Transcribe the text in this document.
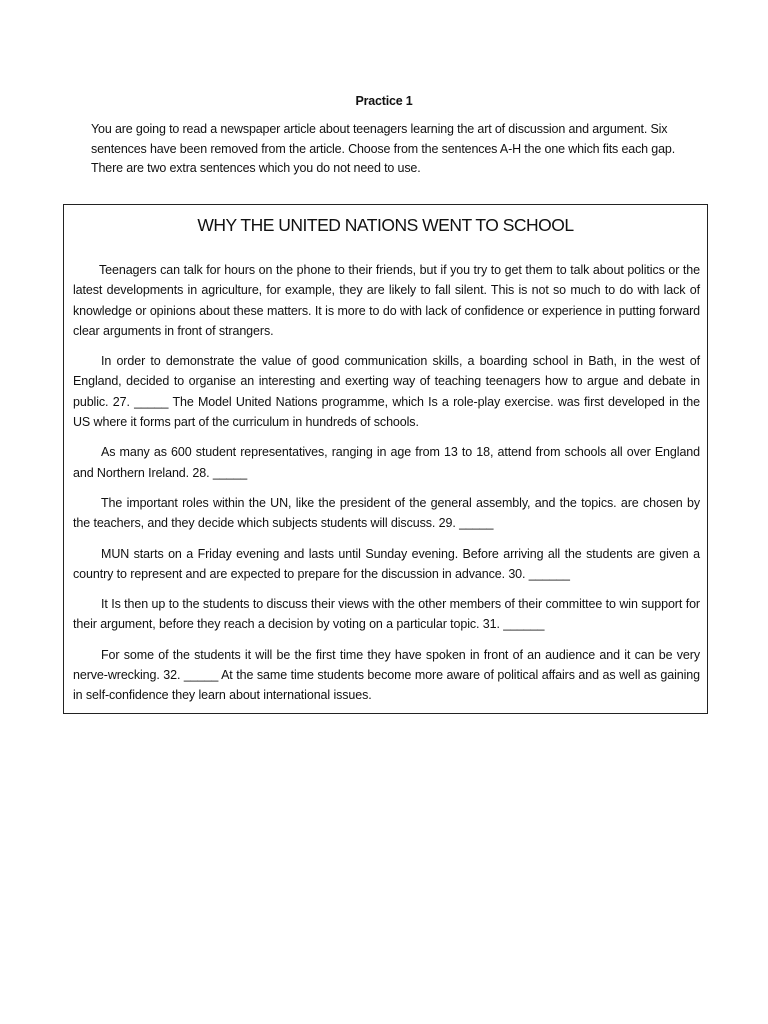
Practice 1
You are going to read a newspaper article about teenagers learning the art of discussion and argument. Six sentences have been removed from the article. Choose from the sentences A-H the one which fits each gap. There are two extra sentences which you do not need to use.
WHY THE UNITED NATIONS WENT TO SCHOOL

Teenagers can talk for hours on the phone to their friends, but if you try to get them to talk about politics or the latest developments in agriculture, for example, they are likely to fall silent. This is not so much to do with lack of knowledge or opinions about these matters. It is more to do with lack of confidence or experience in putting forward clear arguments in front of strangers.

In order to demonstrate the value of good communication skills, a boarding school in Bath, in the west of England, decided to organise an interesting and exerting way of teaching teenagers how to argue and debate in public. 27. _____ The Model United Nations programme, which Is a role-play exercise. was first developed in the US where it forms part of the curriculum in hundreds of schools.

As many as 600 student representatives, ranging in age from 13 to 18, attend from schools all over England and Northern Ireland. 28. _____

The important roles within the UN, like the president of the general assembly, and the topics. are chosen by the teachers, and they decide which subjects students will discuss. 29. _____

MUN starts on a Friday evening and lasts until Sunday evening. Before arriving all the students are given a country to represent and are expected to prepare for the discussion in advance. 30. ______

It Is then up to the students to discuss their views with the other members of their committee to win support for their argument, before they reach a decision by voting on a particular topic. 31. ______

For some of the students it will be the first time they have spoken in front of an audience and it can be very nerve-wrecking. 32. _____ At the same time students become more aware of political affairs and as well as gaining in self-confidence they learn about international issues.
